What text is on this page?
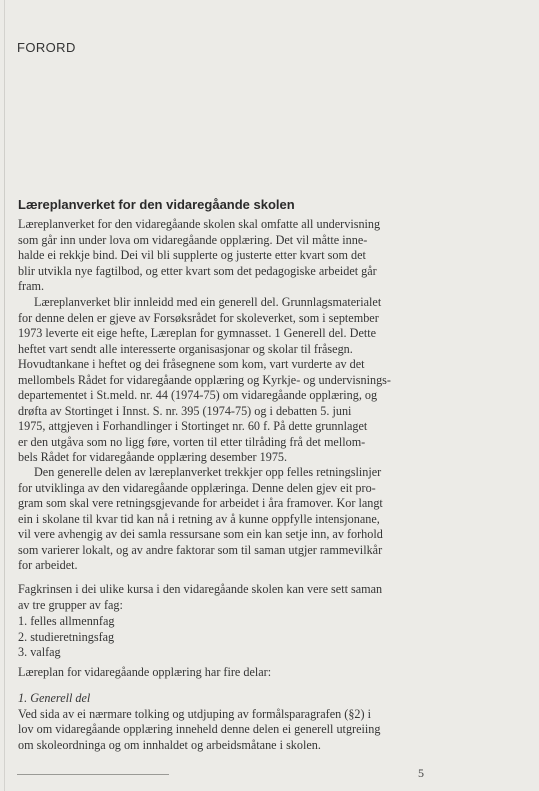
FORORD
Læreplanverket for den vidaregåande skolen
Læreplanverket for den vidaregåande skolen skal omfatte all undervisning
som går inn under lova om vidaregåande opplæring. Det vil måtte inne-
halde ei rekkje bind. Dei vil bli supplerte og justerte etter kvart som det
blir utvikla nye fagtilbod, og etter kvart som det pedagogiske arbeidet går
fram.
Læreplanverket blir innleidd med ein generell del. Grunnlagsmaterialet
for denne delen er gjeve av Forsøksrådet for skoleverket, som i september
1973 leverte eit eige hefte, Læreplan for gymnasset. 1 Generell del. Dette
heftet vart sendt alle interesserte organisasjonar og skolar til fråsegn.
Hovudtankane i heftet og dei fråsegnene som kom, vart vurderte av det
mellombels Rådet for vidaregåande opplæring og Kyrkje- og undervisnings-
departementet i St.meld. nr. 44 (1974-75) om vidaregåande opplæring, og
drøfta av Stortinget i Innst. S. nr. 395 (1974-75) og i debatten 5. juni
1975, attgjeven i Forhandlinger i Stortinget nr. 60 f. På dette grunnlaget
er den utgåva som no ligg føre, vorten til etter tilråding frå det mellom-
bels Rådet for vidaregåande opplæring desember 1975.
Den generelle delen av læreplanverket trekkjer opp felles retningslinjer
for utviklinga av den vidaregåande opplæringa. Denne delen gjev eit pro-
gram som skal vere retningsgjevande for arbeidet i åra framover. Kor langt
ein i skolane til kvar tid kan nå i retning av å kunne oppfylle intensjonane,
vil vere avhengig av dei samla ressursane som ein kan setje inn, av forhold
som varierer lokalt, og av andre faktorar som til saman utgjer rammevilkår
for arbeidet.
Fagkrinsen i dei ulike kursa i den vidaregåande skolen kan vere sett saman
av tre grupper av fag:
1. felles allmennfag
2. studieretningsfag
3. valfag
Læreplan for vidaregåande opplæring har fire delar:
1. Generell del
Ved sida av ei nærmare tolking og utdjuping av formålsparagrafen (§2) i
lov om vidaregåande opplæring inneheld denne delen ei generell utgreiing
om skoleordninga og om innhaldet og arbeidsmåtane i skolen.
5
